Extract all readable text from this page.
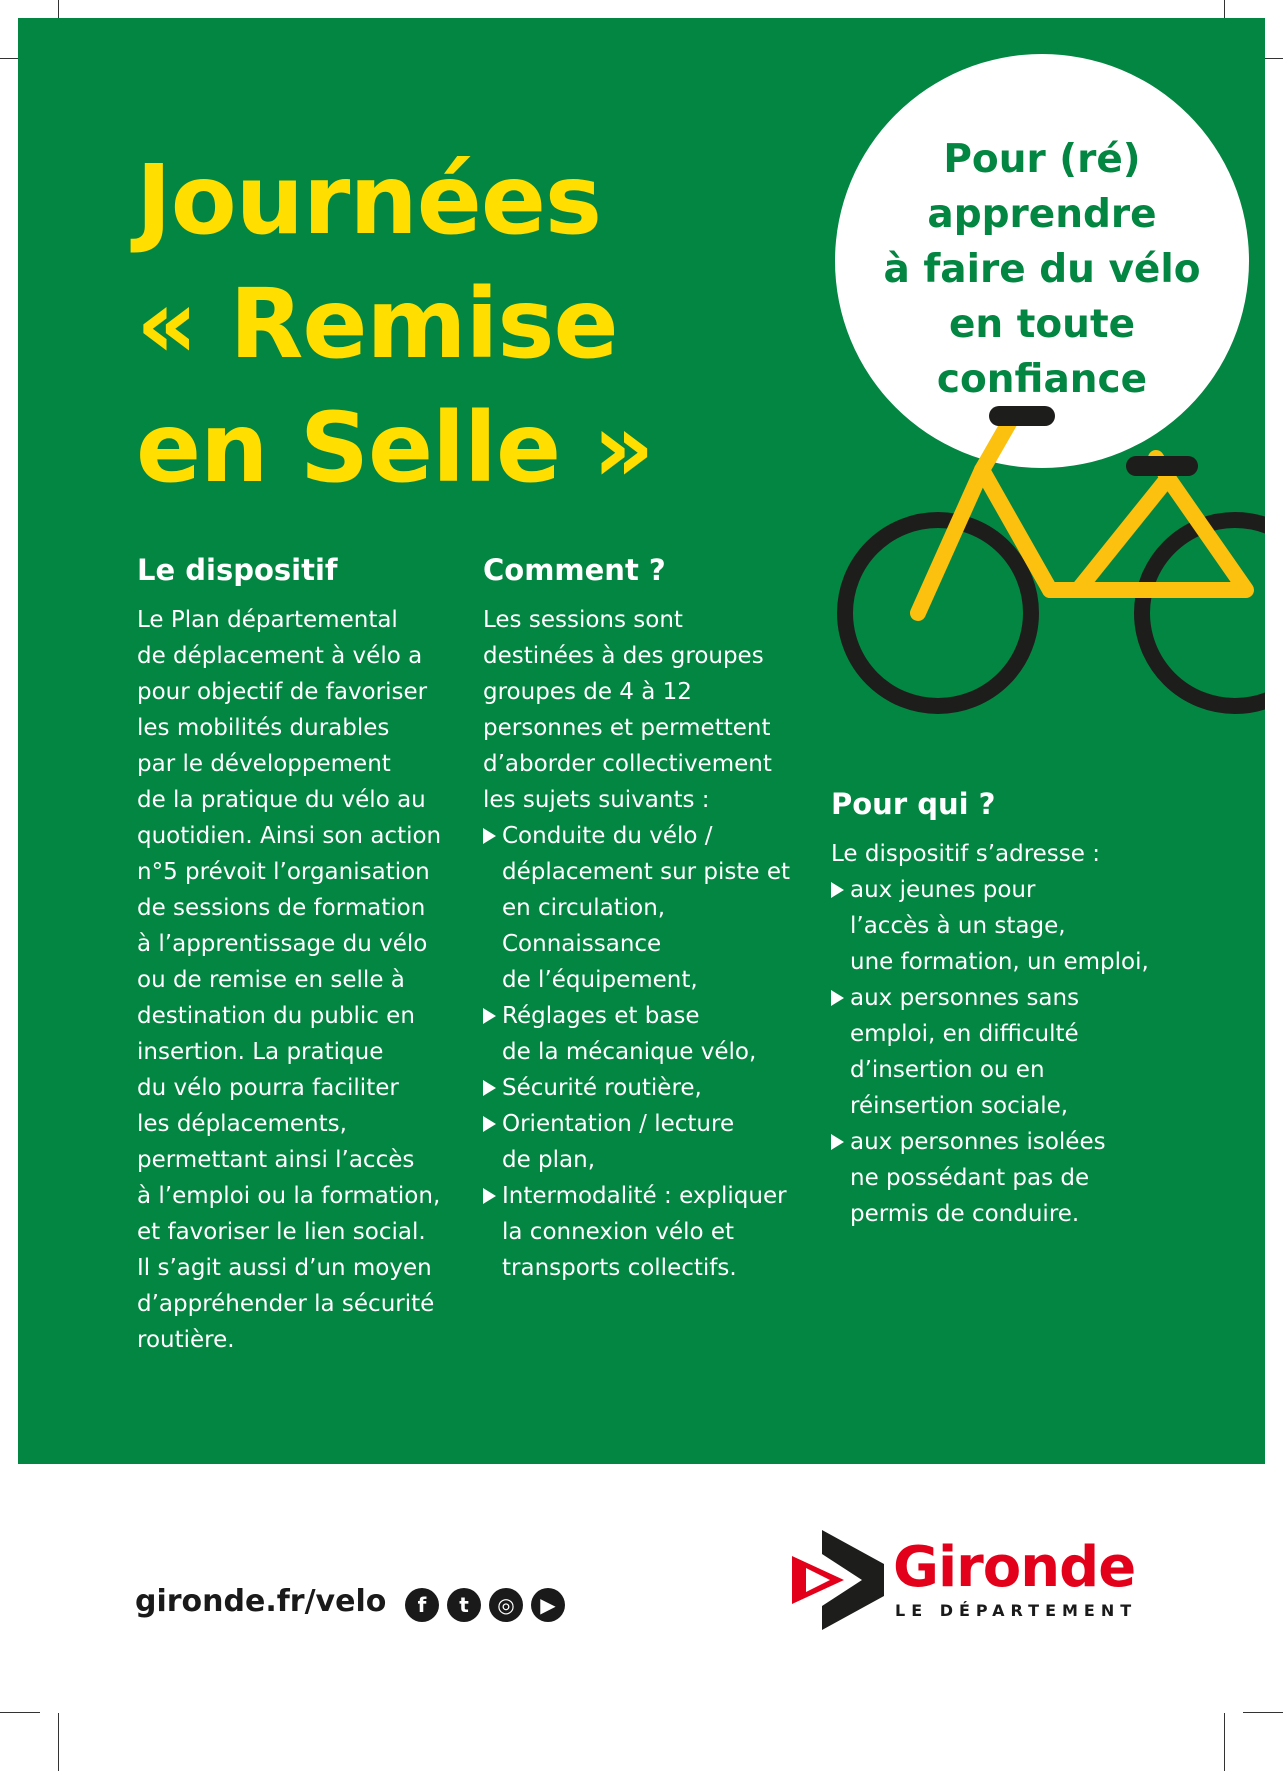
Journées
« Remise
en Selle »
Pour (ré)
apprendre
à faire du vélo
en toute
confiance
Le dispositif
Le Plan départemental
de déplacement à vélo a
pour objectif de favoriser
les mobilités durables
par le développement
de la pratique du vélo au
quotidien. Ainsi son action
n°5 prévoit l’organisation
de sessions de formation
à l’apprentissage du vélo
ou de remise en selle à
destination du public en
insertion. La pratique
du vélo pourra faciliter
les déplacements,
permettant ainsi l’accès
à l’emploi ou la formation,
et favoriser le lien social.
Il s’agit aussi d’un moyen
d’appréhender la sécurité
routière.
Comment ?
Les sessions sont
destinées à des groupes
groupes de 4 à 12
personnes et permettent
d’aborder collectivement
les sujets suivants :
Conduite du vélo /
déplacement sur piste et
en circulation,
Connaissance
de l’équipement,
Réglages et base
de la mécanique vélo,
Sécurité routière,
Orientation / lecture
de plan,
Intermodalité : expliquer
la connexion vélo et
transports collectifs.
Pour qui ?
Le dispositif s’adresse :
aux jeunes pour
l’accès à un stage,
une formation, un emploi,
aux personnes sans
emploi, en difficulté
d’insertion ou en
réinsertion sociale,
aux personnes isolées
ne possédant pas de
permis de conduire.
gironde.fr/velo	f	t	◎	▶
Gironde
LE DÉPARTEMENT
